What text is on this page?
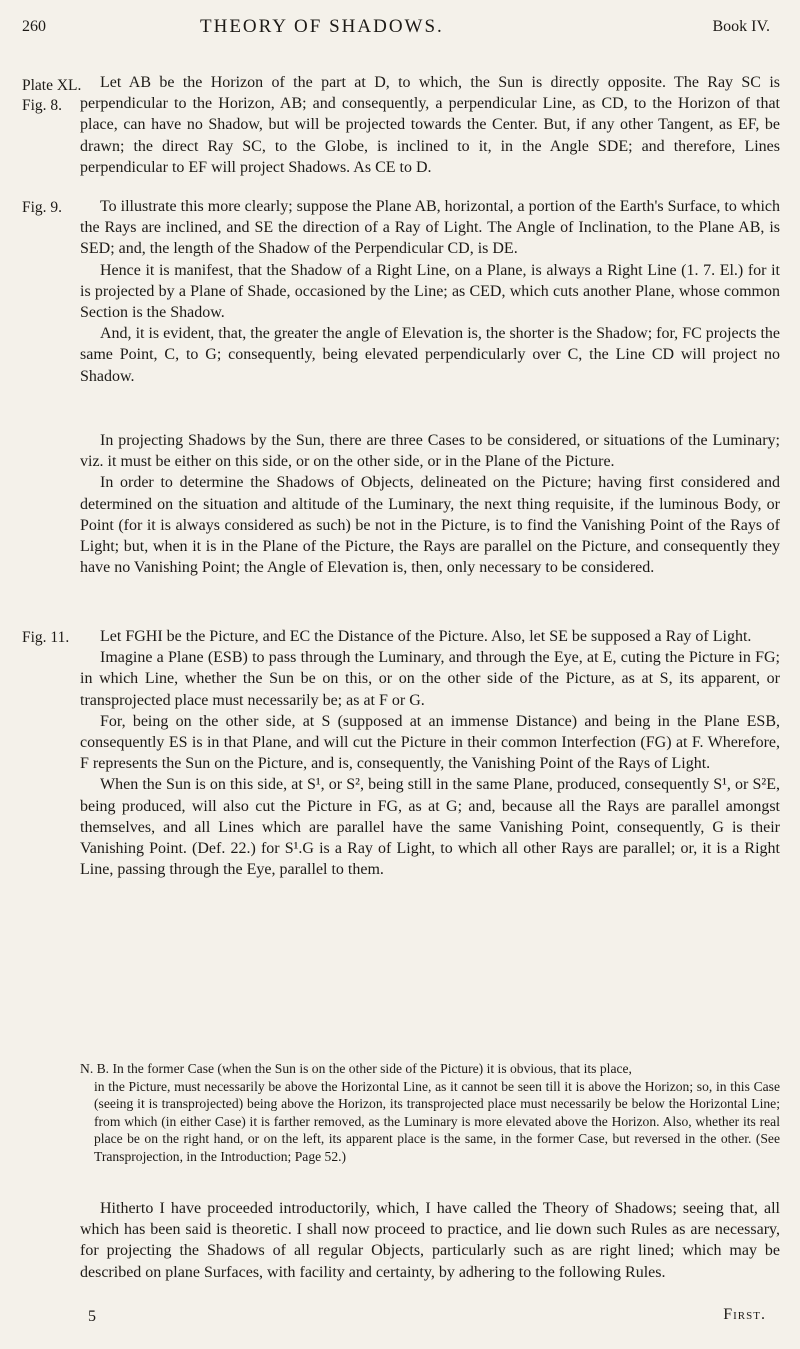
260	THEORY OF SHADOWS.	Book IV.
Plate XL.
Fig. 8.
Fig. 9.
Fig. 11.

Let AB be the Horizon of the part at D, to which, the Sun is directly opposite. The Ray SC is perpendicular to the Horizon, AB; and consequently, a perpendicular Line, as CD, to the Horizon of that place, can have no Shadow, but will be projected towards the Center. But, if any other Tangent, as EF, be drawn; the direct Ray SC, to the Globe, is inclined to it, in the Angle SDE; and therefore, Lines perpendicular to EF will project Shadows. As CE to D.

To illustrate this more clearly; suppose the Plane AB, horizontal, a portion of the Earth's Surface, to which the Rays are inclined, and SE the direction of a Ray of Light. The Angle of Inclination, to the Plane AB, is SED; and, the length of the Shadow of the Perpendicular CD, is DE.

Hence it is manifest, that the Shadow of a Right Line, on a Plane, is always a Right Line (1. 7. El.) for it is projected by a Plane of Shade, occasioned by the Line; as CED, which cuts another Plane, whose common Section is the Shadow.

And, it is evident, that, the greater the angle of Elevation is, the shorter is the Shadow; for, FC projects the same Point, C, to G; consequently, being elevated perpendicularly over C, the Line CD will project no Shadow.

In projecting Shadows by the Sun, there are three Cases to be considered, or situations of the Luminary; viz. it must be either on this side, or on the other side, or in the Plane of the Picture.

In order to determine the Shadows of Objects, delineated on the Picture; having first considered and determined on the situation and altitude of the Luminary, the next thing requisite, if the luminous Body, or Point (for it is always considered as such) be not in the Picture, is to find the Vanishing Point of the Rays of Light; but, when it is in the Plane of the Picture, the Rays are parallel on the Picture, and consequently they have no Vanishing Point; the Angle of Elevation is, then, only necessary to be considered.

Let FGHI be the Picture, and EC the Distance of the Picture. Also, let SE be supposed a Ray of Light.

Imagine a Plane (ESB) to pass through the Luminary, and through the Eye, at E, cuting the Picture in FG; in which Line, whether the Sun be on this, or on the other side of the Picture, as at S, its apparent, or transprojected place must necessarily be; as at F or G.

For, being on the other side, at S (supposed at an immense Distance) and being in the Plane ESB, consequently ES is in that Plane, and will cut the Picture in their common Interfection (FG) at F. Wherefore, F represents the Sun on the Picture, and is, consequently, the Vanishing Point of the Rays of Light.

When the Sun is on this side, at S¹, or S², being still in the same Plane, produced, consequently S¹, or S²E, being produced, will also cut the Picture in FG, as at G; and, because all the Rays are parallel amongst themselves, and all Lines which are parallel have the same Vanishing Point, consequently, G is their Vanishing Point. (Def. 22.) for S¹.G is a Ray of Light, to which all other Rays are parallel; or, it is a Right Line, passing through the Eye, parallel to them.

N. B. In the former Case (when the Sun is on the other side of the Picture) it is obvious, that its place,
in the Picture, must necessarily be above the Horizontal Line, as it cannot be seen till it is above the Horizon; so, in this Case (seeing it is transprojected) being above the Horizon, its transprojected place must necessarily be below the Horizontal Line; from which (in either Case) it is farther removed, as the Luminary is more elevated above the Horizon. Also, whether its real place be on the right hand, or on the left, its apparent place is the same, in the former Case, but reversed in the other. (See Transprojection, in the Introduction; Page 52.)

Hitherto I have proceeded introductorily, which, I have called the Theory of Shadows; seeing that, all which has been said is theoretic. I shall now proceed to practice, and lie down such Rules as are necessary, for projecting the Shadows of all regular Objects, particularly such as are right lined; which may be described on plane Surfaces, with facility and certainty, by adhering to the following Rules.

5	First.
